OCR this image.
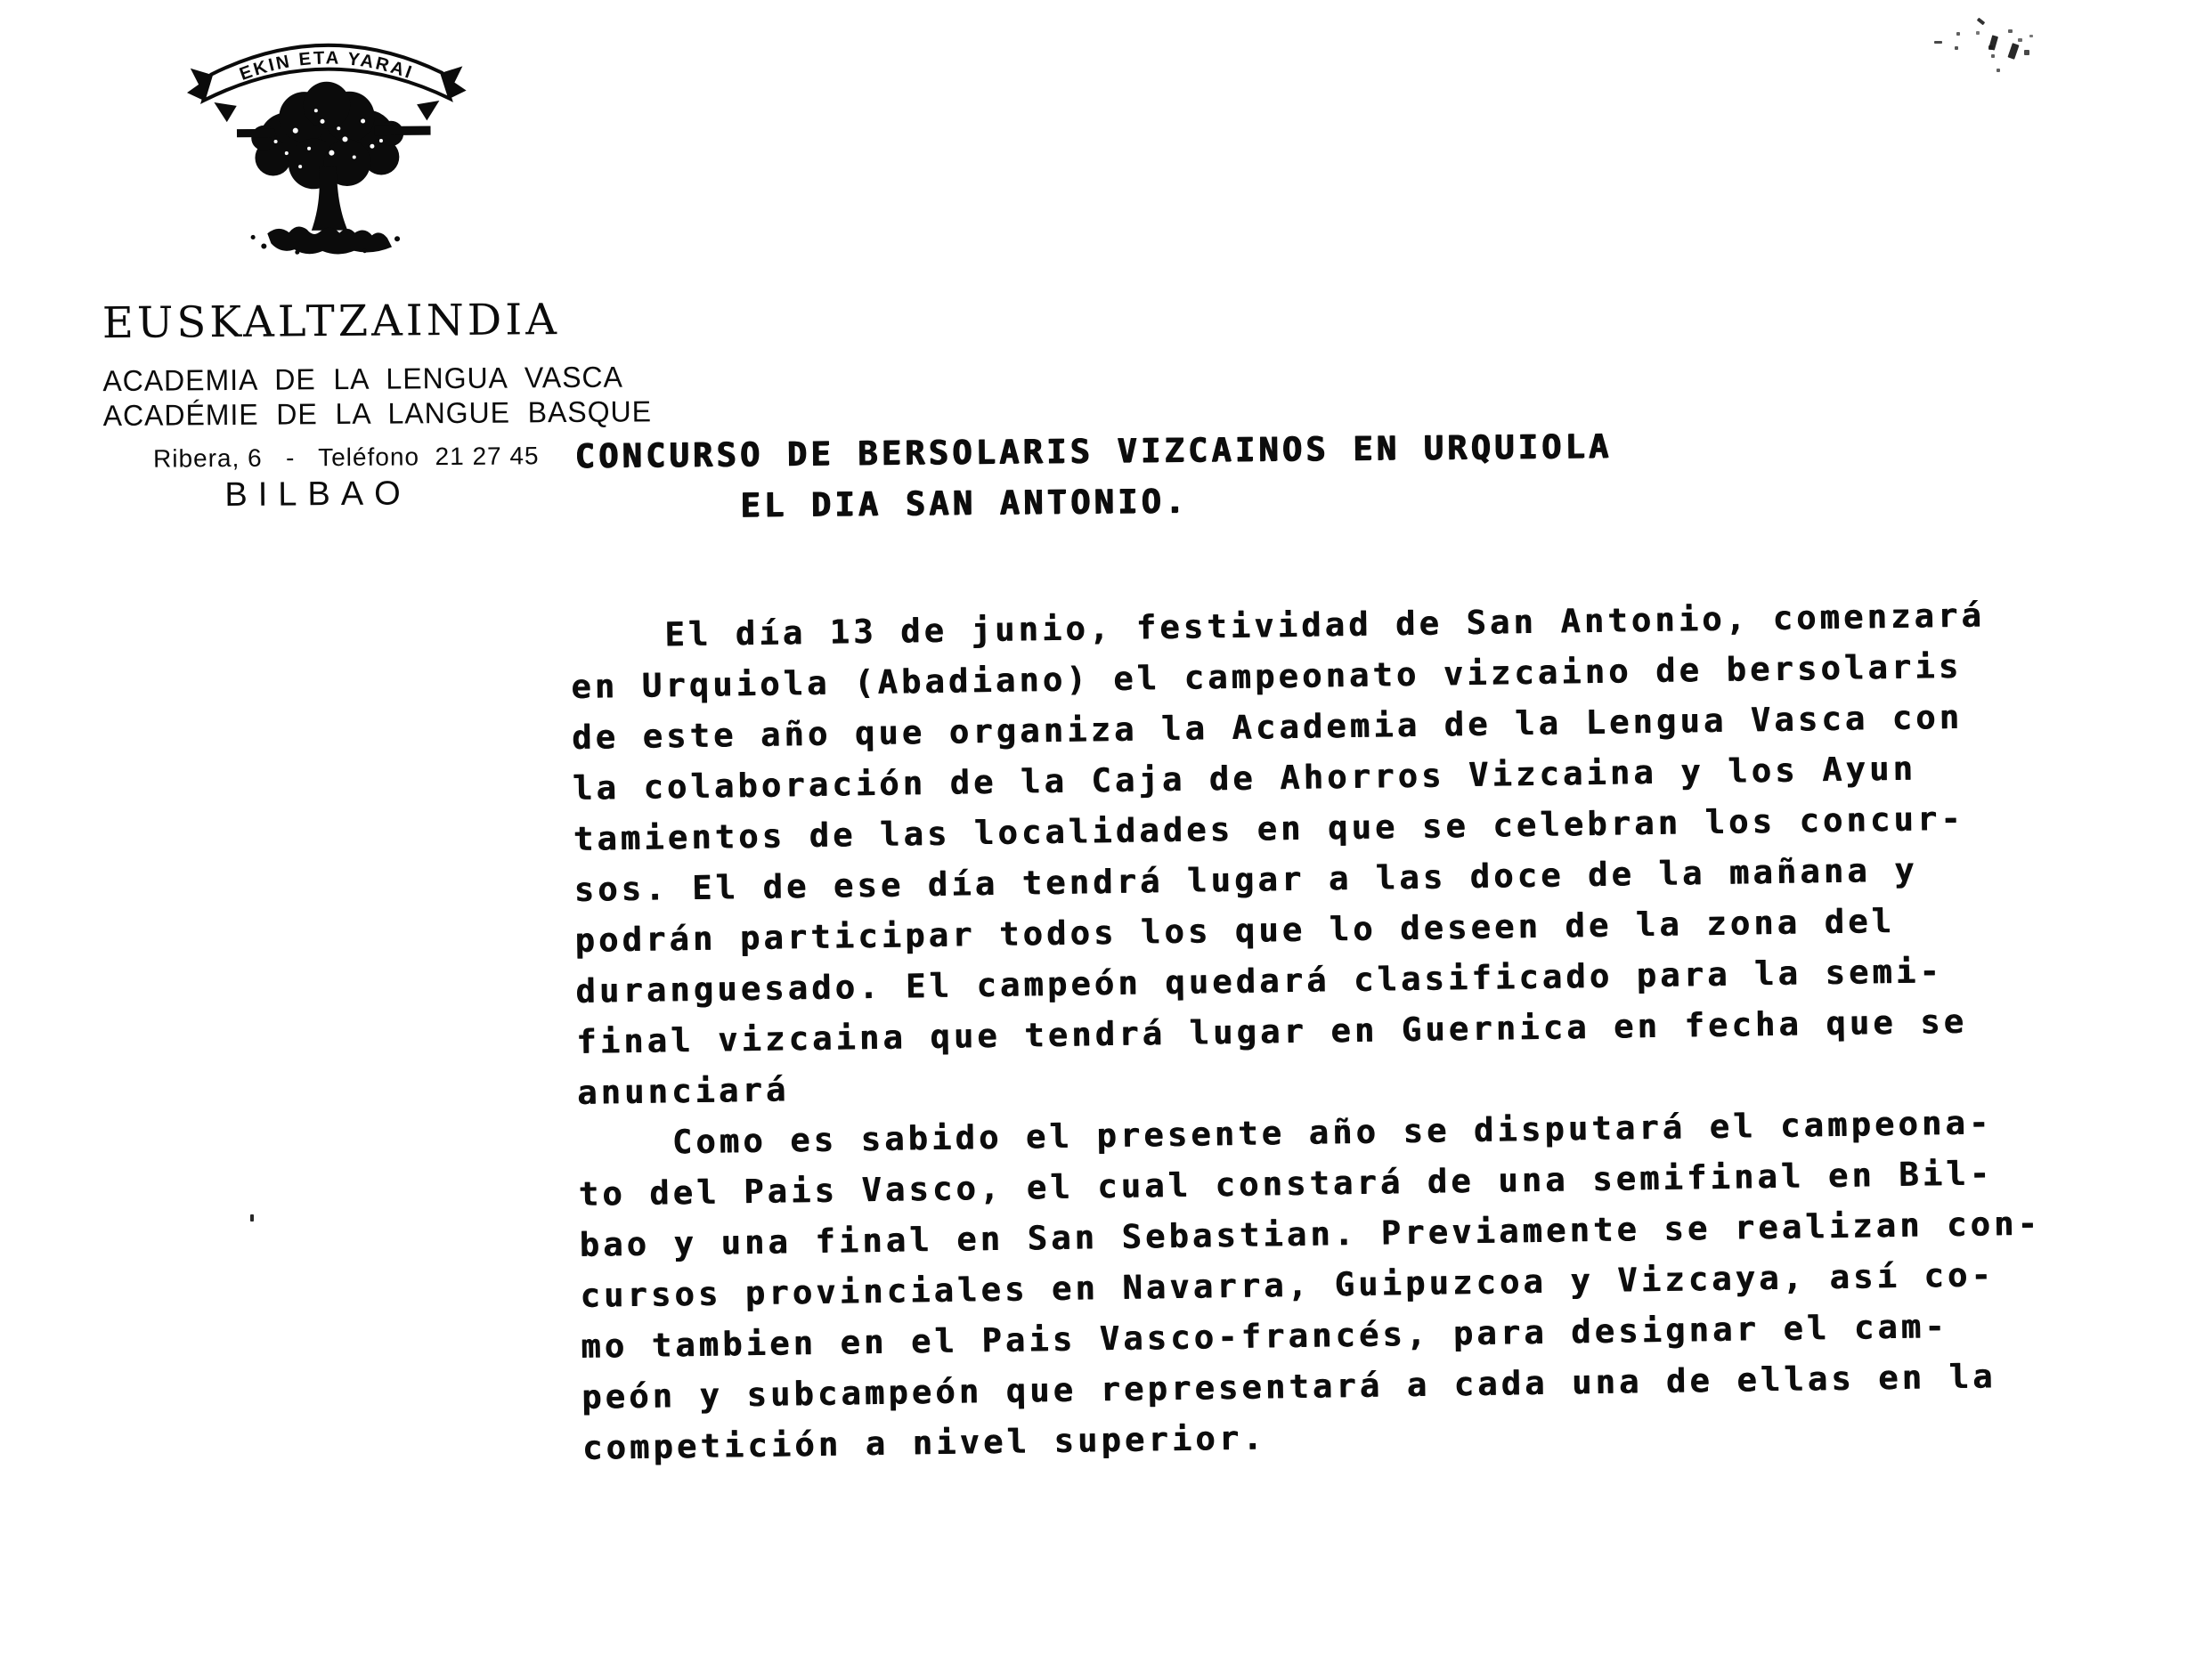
EKIN ETA YARAI
EUSKALTZAINDIA
ACADEMIA  DE  LA  LENGUA  VASCA
ACADÉMIE  DE  LA  LANGUE  BASQUE
Ribera, 6   -   Teléfono  21 27 45
BILBAO
CONCURSO DE BERSOLARIS VIZCAINOS EN URQUIOLA
EL DIA SAN ANTONIO.
El día 13 de junio, festividad de San Antonio, comenzará
en Urquiola (Abadiano) el campeonato vizcaino de bersolaris
de este año que organiza la Academia de la Lengua Vasca con
la colaboración de la Caja de Ahorros Vizcaina y los Ayun
tamientos de las localidades en que se celebran los concur-
sos. El de ese día tendrá lugar a las doce de la mañana y
podrán participar todos los que lo deseen de la zona del
duranguesado. El campeón quedará clasificado para la semi-
final vizcaina que tendrá lugar en Guernica en fecha que se
anunciará
Como es sabido el presente año se disputará el campeona-
to del Pais Vasco, el cual constará de una semifinal en Bil-
bao y una final en San Sebastian. Previamente se realizan con-
cursos provinciales en Navarra, Guipuzcoa y Vizcaya, así co-
mo tambien en el Pais Vasco-francés, para designar el cam-
peón y subcampeón que representará a cada una de ellas en la
competición a nivel superior.
